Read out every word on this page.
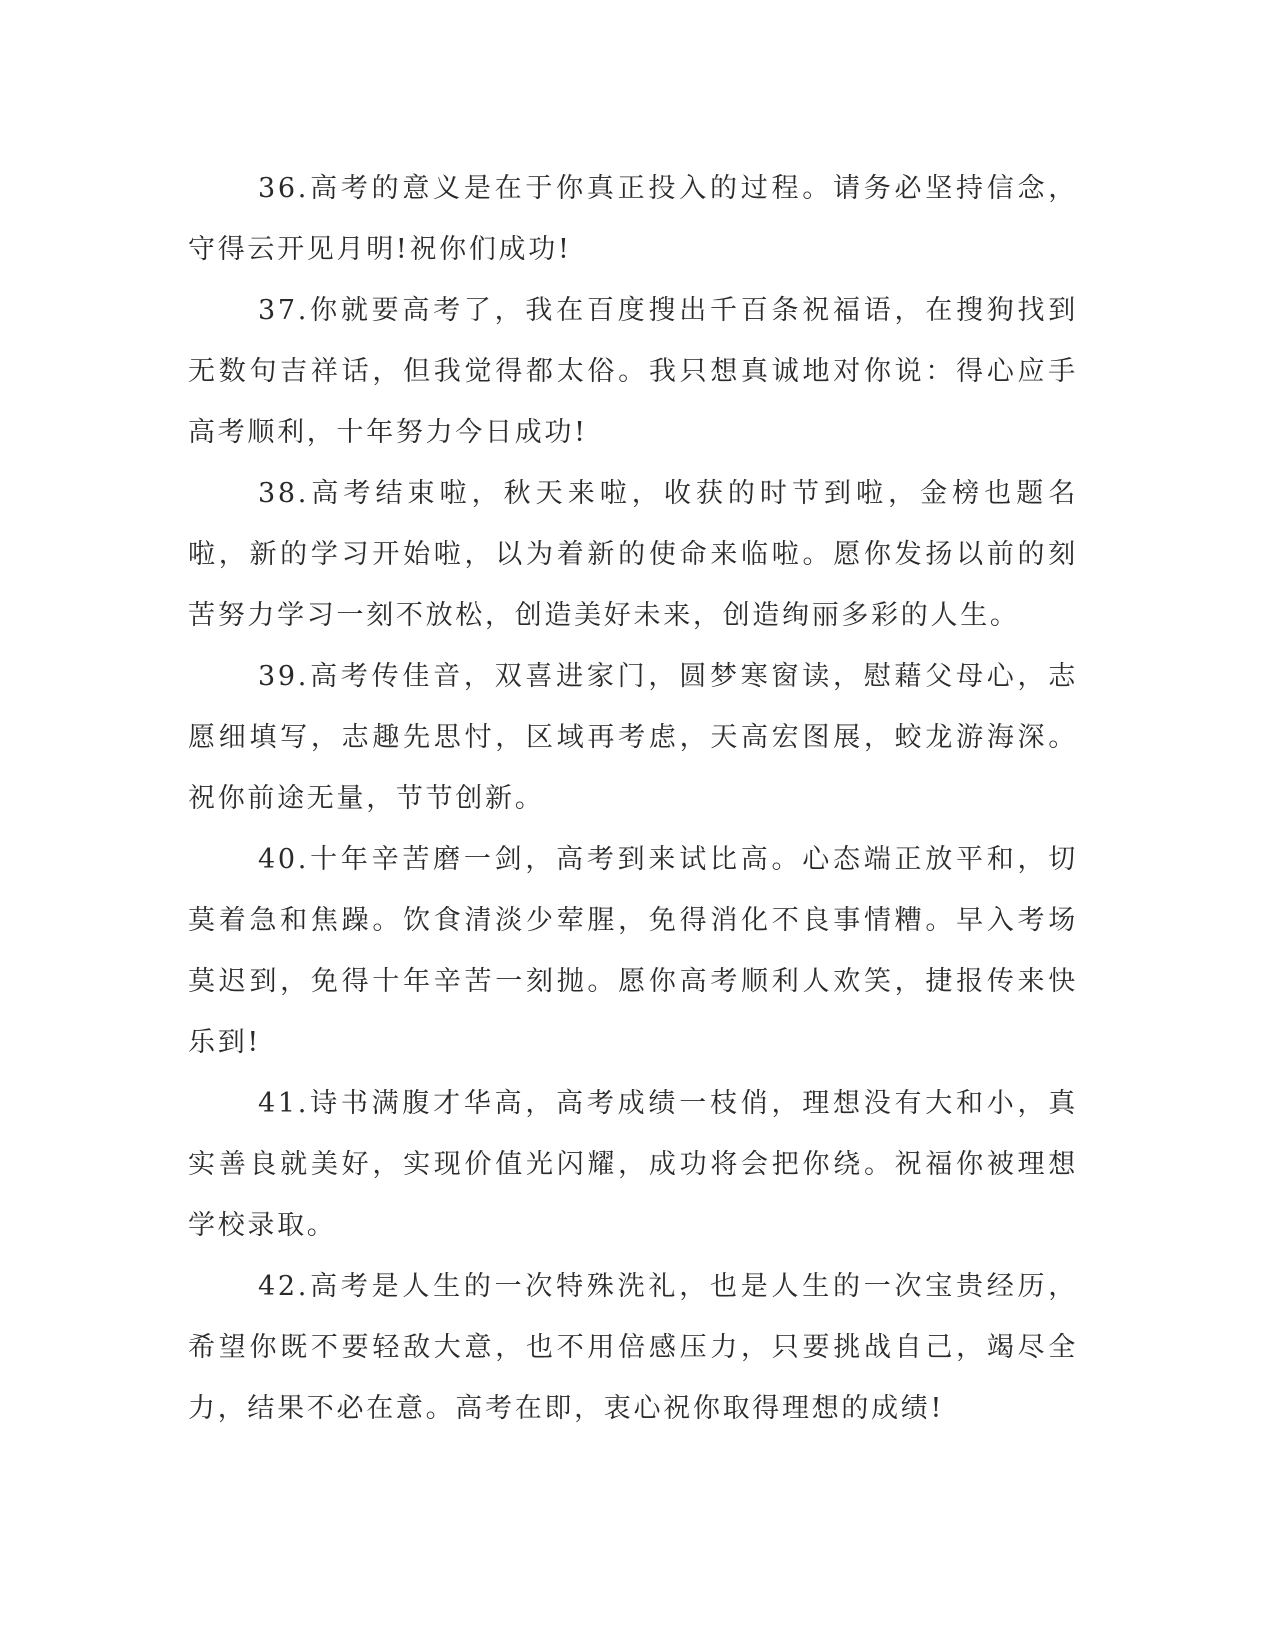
36.高考的意义是在于你真正投入的过程。请务必坚持信念，守得云开见月明!祝你们成功!

37.你就要高考了，我在百度搜出千百条祝福语，在搜狗找到无数句吉祥话，但我觉得都太俗。我只想真诚地对你说：得心应手高考顺利，十年努力今日成功!

38.高考结束啦，秋天来啦，收获的时节到啦，金榜也题名啦，新的学习开始啦，以为着新的使命来临啦。愿你发扬以前的刻苦努力学习一刻不放松，创造美好未来，创造绚丽多彩的人生。

39.高考传佳音，双喜进家门，圆梦寒窗读，慰藉父母心，志愿细填写，志趣先思忖，区域再考虑，天高宏图展，蛟龙游海深。祝你前途无量，节节创新。

40.十年辛苦磨一剑，高考到来试比高。心态端正放平和，切莫着急和焦躁。饮食清淡少荤腥，免得消化不良事情糟。早入考场莫迟到，免得十年辛苦一刻抛。愿你高考顺利人欢笑，捷报传来快乐到!

41.诗书满腹才华高，高考成绩一枝俏，理想没有大和小，真实善良就美好，实现价值光闪耀，成功将会把你绕。祝福你被理想学校录取。

42.高考是人生的一次特殊洗礼，也是人生的一次宝贵经历，希望你既不要轻敌大意，也不用倍感压力，只要挑战自己，竭尽全力，结果不必在意。高考在即，衷心祝你取得理想的成绩!
